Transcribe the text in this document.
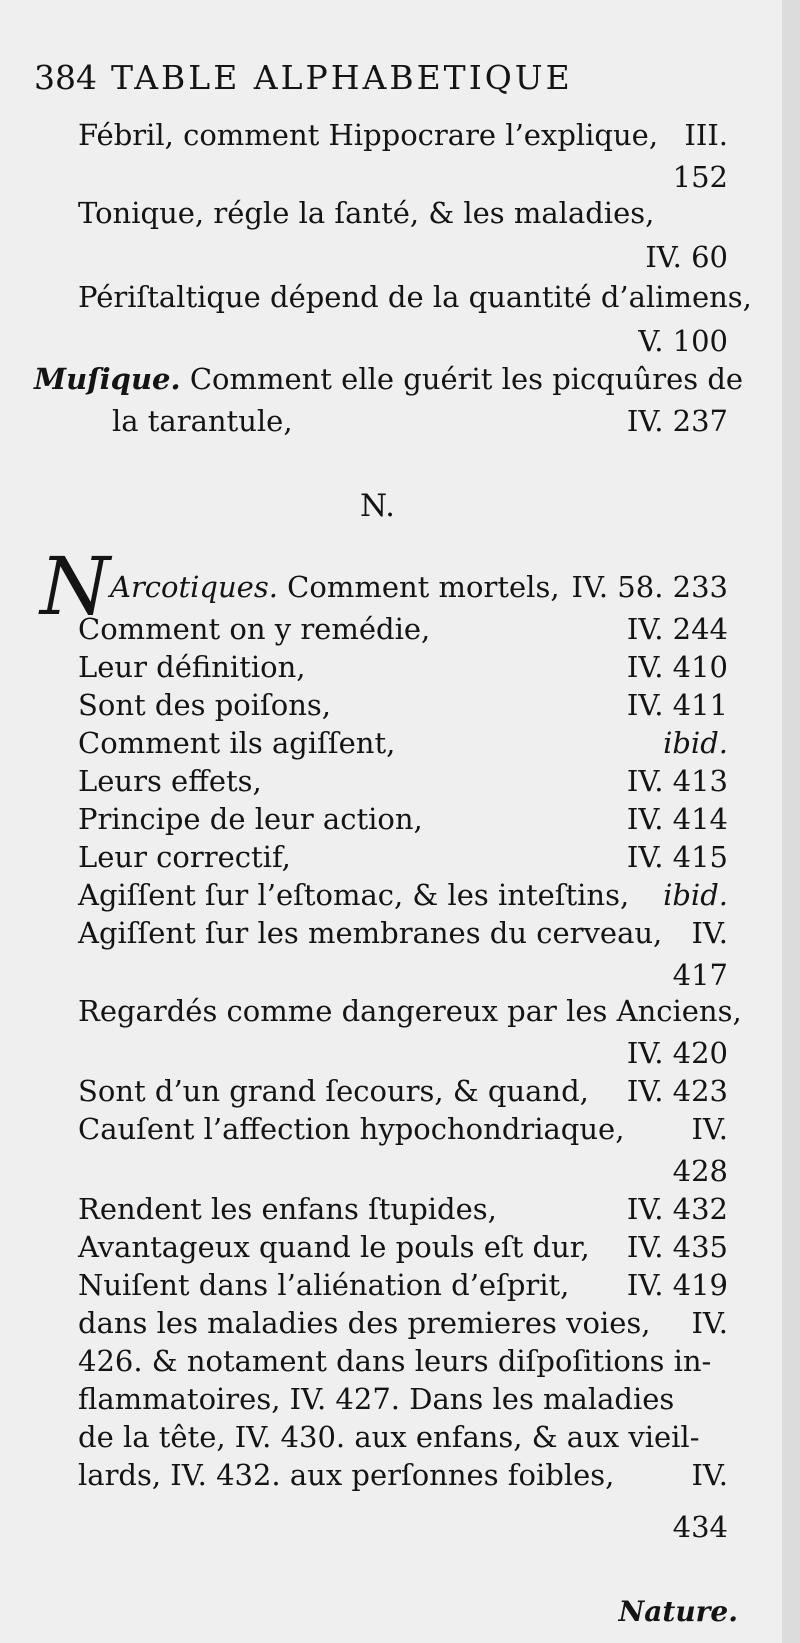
384 TABLE ALPHABETIQUE
Fébril, comment Hippocrare l’explique, III.
152
Tonique, régle la ſanté, & les maladies,
IV. 60
Périſtaltique dépend de la quantité d’alimens,
V. 100
Muſique. Comment elle guérit les picquûres de
la tarantule,	IV. 237
N.
N Arcotiques. Comment mortels, IV. 58. 233
Comment on y remédie,	IV. 244
Leur définition,	IV. 410
Sont des poiſons,	IV. 411
Comment ils agiſſent,	ibid.
Leurs effets,	IV. 413
Principe de leur action,	IV. 414
Leur correctif,	IV. 415
Agiſſent ſur l’eſtomac, & les inteſtins, ibid.
Agiſſent ſur les membranes du cerveau, IV.
417
Regardés comme dangereux par les Anciens,
IV. 420
Sont d’un grand ſecours, & quand, IV. 423
Cauſent l’affection hypochondriaque, IV.
428
Rendent les enfans ſtupides,	IV. 432
Avantageux quand le pouls eſt dur, IV. 435
Nuiſent dans l’aliénation d’eſprit, IV. 419
dans les maladies des premieres voies, IV.
426. & notament dans leurs diſpoſitions in-
flammatoires, IV. 427. Dans les maladies
de la tête, IV. 430. aux enfans, & aux vieil-
lards, IV. 432. aux perſonnes foibles,	IV.
434
Nature.
